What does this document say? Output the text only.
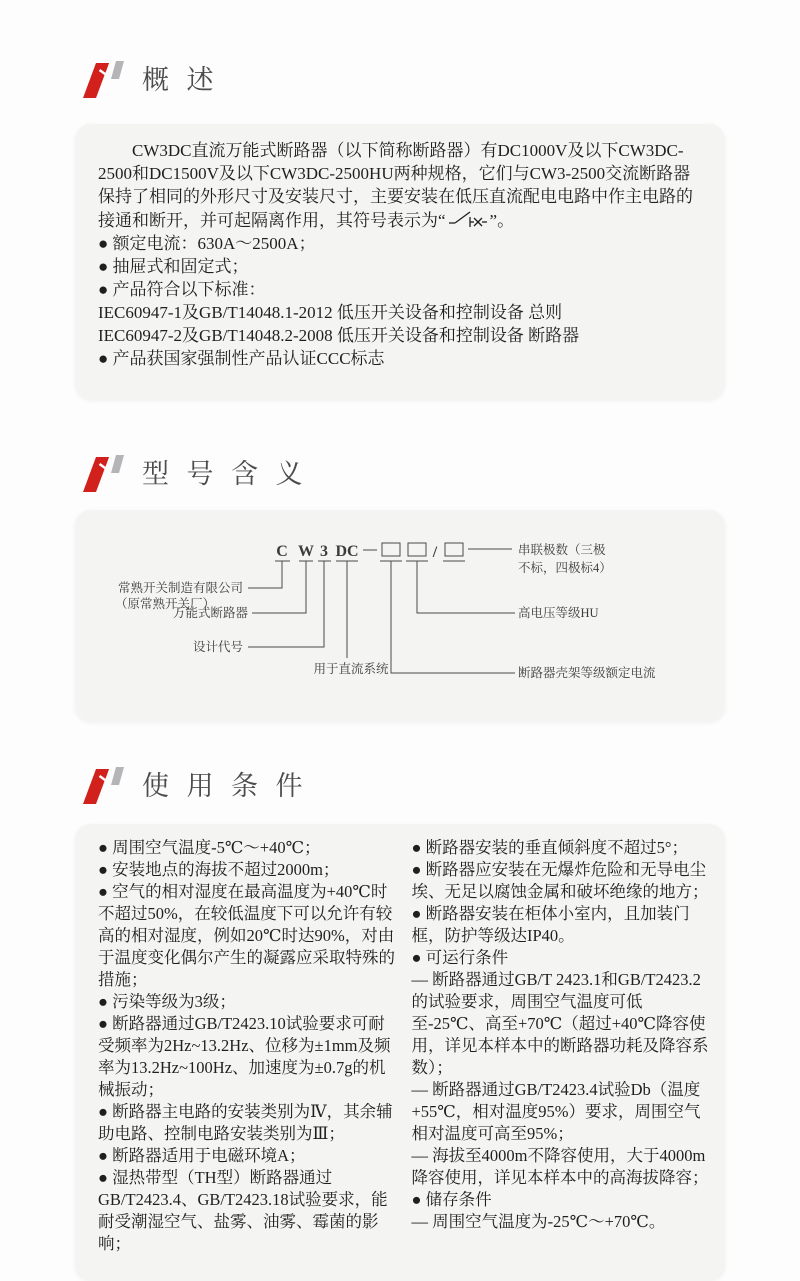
概 述

CW3DC直流万能式断路器（以下简称断路器）有DC1000V及以下CW3DC-2500和DC1500V及以下CW3DC-2500HU两种规格，它们与CW3-2500交流断路器保持了相同的外形尺寸及安装尺寸，主要安装在低压直流配电电路中作主电路的接通和断开，并可起隔离作用，其符号表示为“	”。

● 额定电流：630A～2500A；
● 抽屉式和固定式；
● 产品符合以下标准：
IEC60947-1及GB/T14048.1-2012 低压开关设备和控制设备 总则
IEC60947-2及GB/T14048.2-2008 低压开关设备和控制设备 断路器
● 产品获国家强制性产品认证CCC标志
型 号 含 义
C W 3 DC	/
常熟开关制造有限公司
（原常熟开关厂）
万能式断路器
设计代号
用于直流系统
串联极数（三极
不标，四极标4）
高电压等级HU
断路器壳架等级额定电流
使 用 条 件
● 周围空气温度-5℃～+40℃；
● 安装地点的海拔不超过2000m；
● 空气的相对湿度在最高温度为+40℃时不超过50%，在较低温度下可以允许有较高的相对湿度，例如20℃时达90%，对由于温度变化偶尔产生的凝露应采取特殊的措施；
● 污染等级为3级；
● 断路器通过GB/T2423.10试验要求可耐受频率为2Hz~13.2Hz、位移为±1mm及频率为13.2Hz~100Hz、加速度为±0.7g的机械振动；
● 断路器主电路的安装类别为Ⅳ，其余辅助电路、控制电路安装类别为Ⅲ；
● 断路器适用于电磁环境A；
● 湿热带型（TH型）断路器通过GB/T2423.4、GB/T2423.18试验要求，能耐受潮湿空气、盐雾、油雾、霉菌的影响；
● 断路器安装的垂直倾斜度不超过5°；
● 断路器应安装在无爆炸危险和无导电尘埃、无足以腐蚀金属和破坏绝缘的地方；
● 断路器安装在柜体小室内，且加装门框，防护等级达IP40。
● 可运行条件
— 断路器通过GB/T 2423.1和GB/T2423.2的试验要求，周围空气温度可低至-25℃、高至+70℃（超过+40℃降容使用，详见本样本中的断路器功耗及降容系数）；
— 断路器通过GB/T2423.4试验Db（温度+55℃，相对温度95%）要求，周围空气相对温度可高至95%；
— 海拔至4000m不降容使用，大于4000m降容使用，详见本样本中的高海拔降容；
● 储存条件
— 周围空气温度为-25℃～+70℃。
